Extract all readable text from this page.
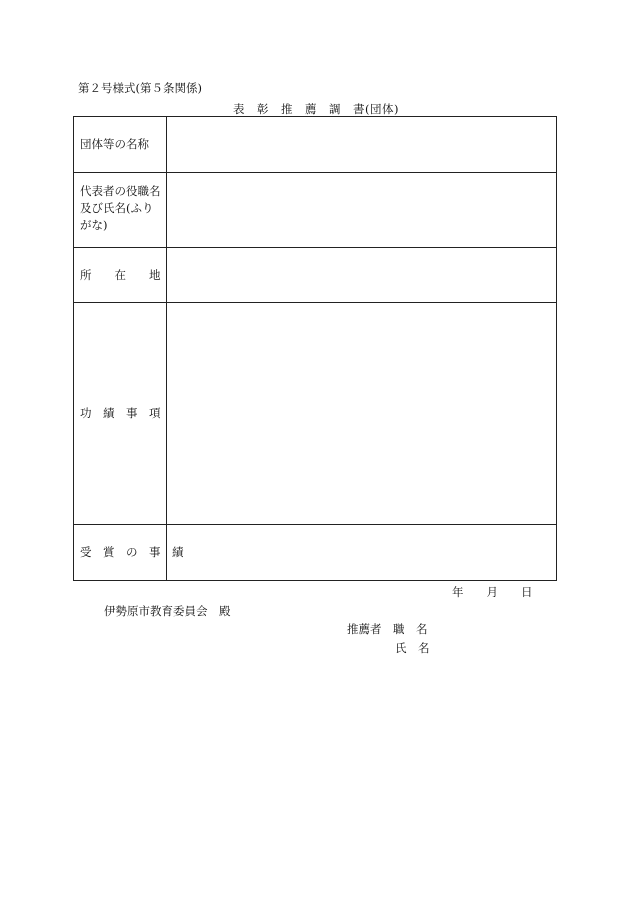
第２号様式(第５条関係)
表　彰　推　薦　調　書(団体)
団体等の名称
代表者の役職名
及び氏名(ふり
がな)
所　　在　　地
功　績　事　項
受　賞　の　事　績
年　　月　　日
伊勢原市教育委員会　殿
推薦者　職　名
氏　名
